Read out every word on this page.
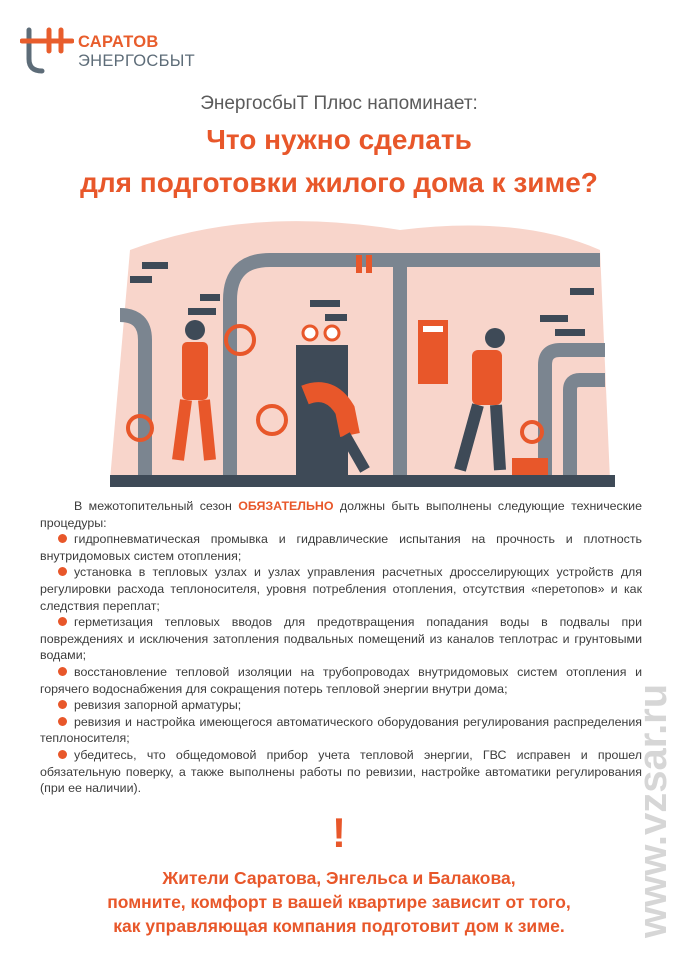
САРАТОВ
ЭНЕРГОСБЫТ
ЭнергосбыТ Плюс напоминает:
Что нужно сделать
для подготовки жилого дома к зиме?

В межотопительный сезон ОБЯЗАТЕЛЬНО должны быть выполнены следующие технические процедуры:

гидропневматическая промывка и гидравлические испытания на прочность и плотность внутридомовых систем отопления;

установка в тепловых узлах и узлах управления расчетных дросселирующих устройств для регулировки расхода теплоносителя, уровня потребления отопления, отсутствия «перетопов» и как следствия переплат;

герметизация тепловых вводов для предотвращения попадания воды в подвалы при повреждениях и исключения затопления подвальных помещений из каналов теплотрас и грунтовыми водами;

восстановление тепловой изоляции на трубопроводах внутридомовых систем отопления и горячего водоснабжения для сокращения потерь тепловой энергии внутри дома;

ревизия запорной арматуры;

ревизия и настройка имеющегося автоматического оборудования регулирования распределения теплоносителя;

убедитесь, что общедомовой прибор учета тепловой энергии, ГВС исправен и прошел обязательную поверку, а также выполнены работы по ревизии, настройке автоматики регулирования (при ее наличии).

!
Жители Саратова, Энгельса и Балакова,
помните, комфорт в вашей квартире зависит от того,
как управляющая компания подготовит дом к зиме.	www.vzsar.ru
